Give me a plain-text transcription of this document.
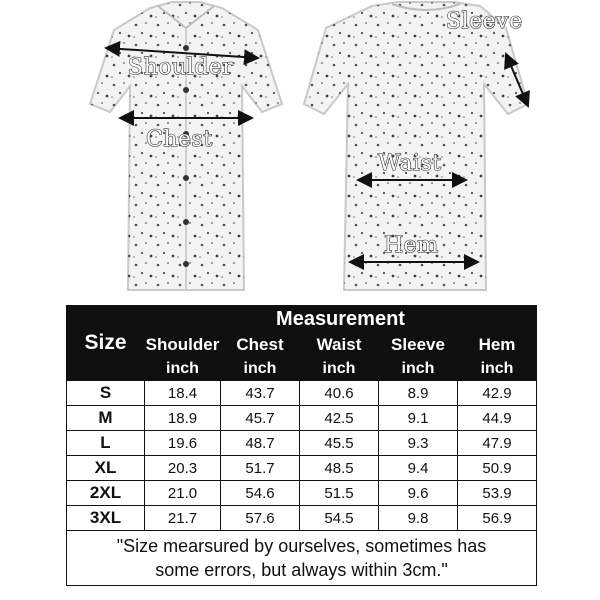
Shoulder
Chest
Sleeve
Waist
Hem
Size	Measurement				
	Shoulder	Chest	Waist	Sleeve	Hem
	inch	inch	inch	inch	inch
S	18.4	43.7	40.6	8.9	42.9
M	18.9	45.7	42.5	9.1	44.9
L	19.6	48.7	45.5	9.3	47.9
XL	20.3	51.7	48.5	9.4	50.9
2XL	21.0	54.6	51.5	9.6	53.9
3XL	21.7	57.6	54.5	9.8	56.9

"Size mearsured by ourselves, sometimes has
some errors, but always within 3cm."					
